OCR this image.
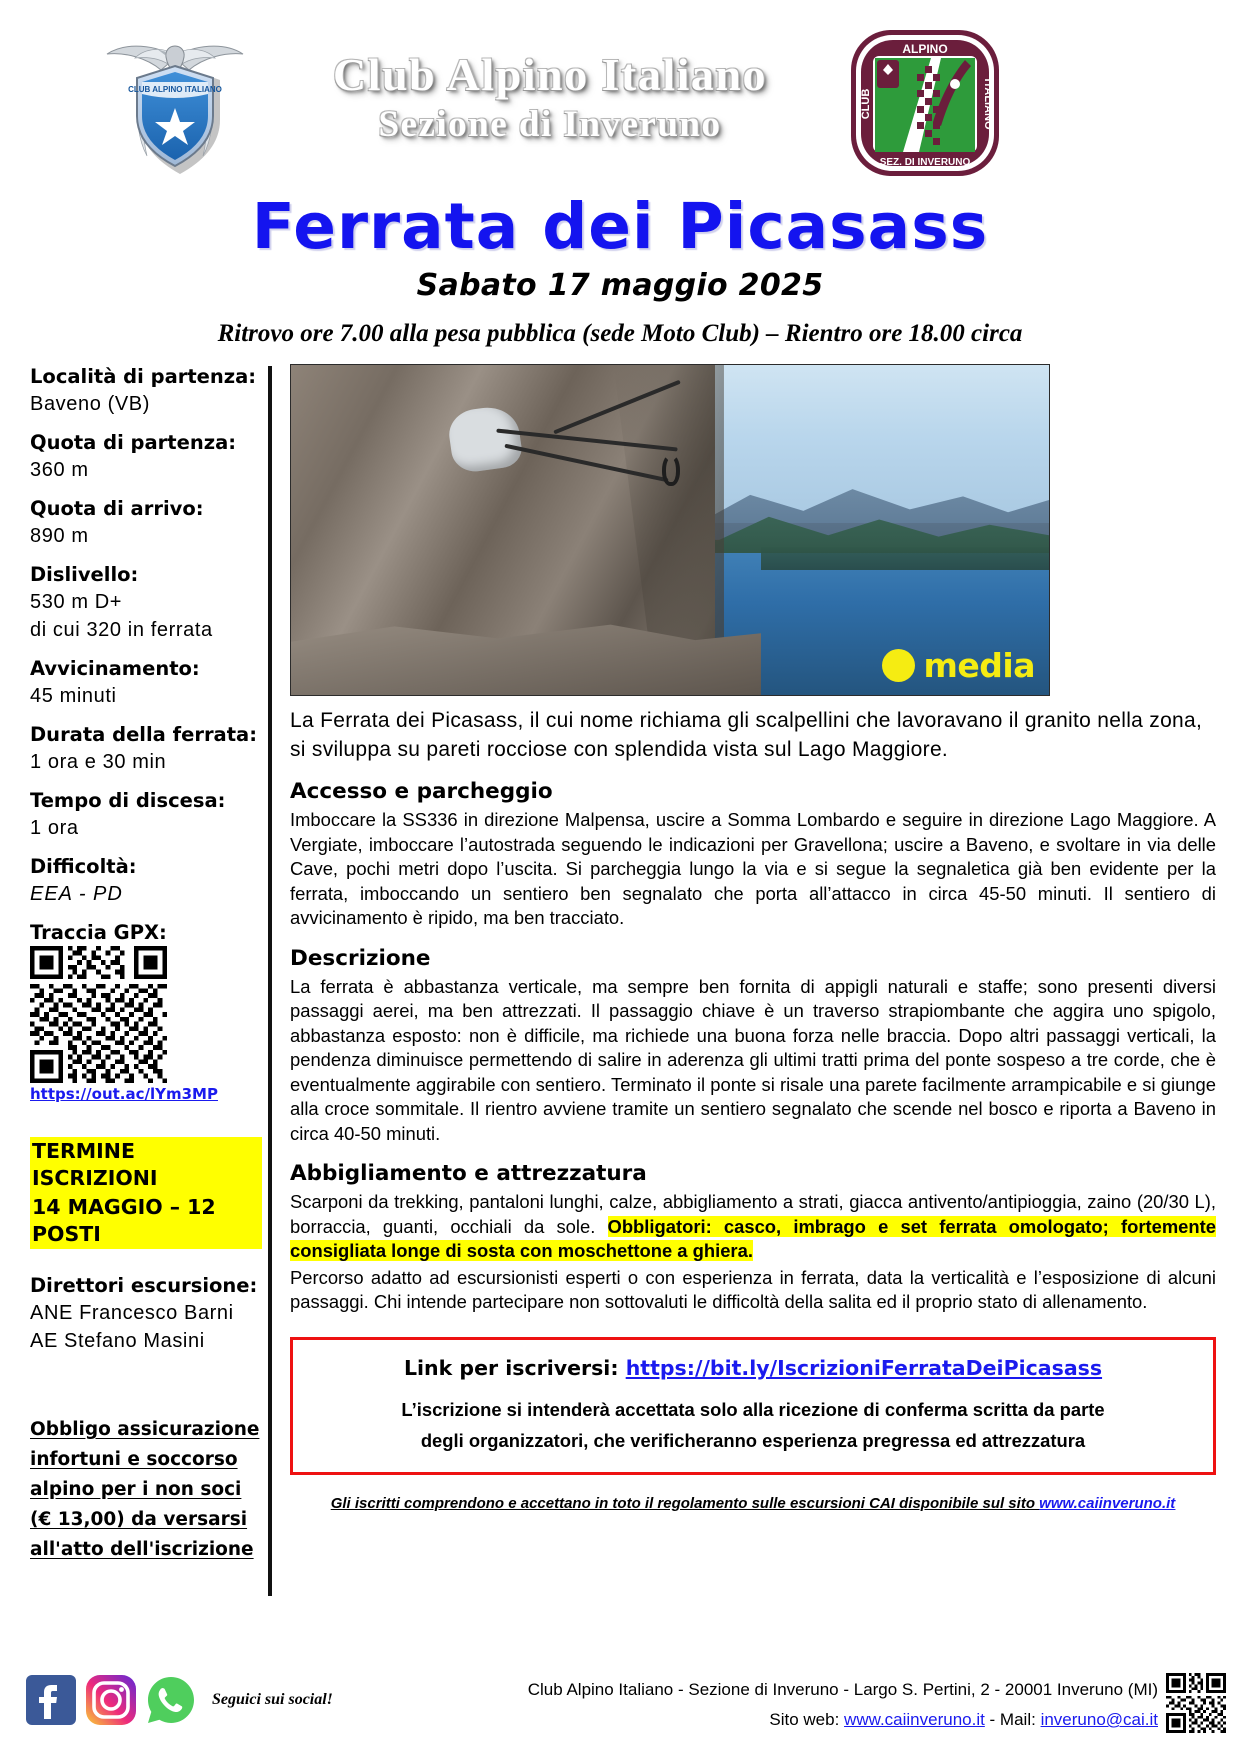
CLUB ALPINO ITALIANO	Club Alpino Italiano
Sezione di Inveruno
ALPINO
SEZ. DI INVERUNO
CLUB	ITALIANO
Ferrata dei Picasass
Sabato 17 maggio 2025
Ritrovo ore 7.00 alla pesa pubblica (sede Moto Club) – Rientro ore 18.00 circa
Località di partenza:
Baveno (VB)
Quota di partenza:
360 m
Quota di arrivo:
890 m
Dislivello:
530 m D+
di cui 320 in ferrata
Avvicinamento:
45 minuti
Durata della ferrata:
1 ora e 30 min
Tempo di discesa:
1 ora
Difficoltà:
EEA - PD
Traccia GPX:
https://out.ac/lYm3MP
TERMINE ISCRIZIONI
14 MAGGIO – 12 POSTI
Direttori escursione:
ANE Francesco Barni
AE Stefano Masini
Obbligo assicurazione
infortuni e soccorso
alpino per i non soci
(€ 13,00) da versarsi
all'atto dell'iscrizione
media
La Ferrata dei Picasass, il cui nome richiama gli scalpellini che lavoravano il granito nella zona, si sviluppa su pareti rocciose con splendida vista sul Lago Maggiore.
Accesso e parcheggio

Imboccare la SS336 in direzione Malpensa, uscire a Somma Lombardo e seguire in direzione Lago Maggiore. A Vergiate, imboccare l’autostrada seguendo le indicazioni per Gravellona; uscire a Baveno, e svoltare in via delle Cave, pochi metri dopo l’uscita. Si parcheggia lungo la via e si segue la segnaletica già ben evidente per la ferrata, imboccando un sentiero ben segnalato che porta all’attacco in circa 45-50 minuti. Il sentiero di avvicinamento è ripido, ma ben tracciato.

Descrizione

La ferrata è abbastanza verticale, ma sempre ben fornita di appigli naturali e staffe; sono presenti diversi passaggi aerei, ma ben attrezzati. Il passaggio chiave è un traverso strapiombante che aggira uno spigolo, abbastanza esposto: non è difficile, ma richiede una buona forza nelle braccia. Dopo altri passaggi verticali, la pendenza diminuisce permettendo di salire in aderenza gli ultimi tratti prima del ponte sospeso a tre corde, che è eventualmente aggirabile con sentiero. Terminato il ponte si risale una parete facilmente arrampicabile e si giunge alla croce sommitale. Il rientro avviene tramite un sentiero segnalato che scende nel bosco e riporta a Baveno in circa 40-50 minuti.

Abbigliamento e attrezzatura

Scarponi da trekking, pantaloni lunghi, calze, abbigliamento a strati, giacca antivento/antipioggia, zaino (20/30 L), borraccia, guanti, occhiali da sole. Obbligatori: casco, imbrago e set ferrata omologato; fortemente consigliata longe di sosta con moschettone a ghiera.

Percorso adatto ad escursionisti esperti o con esperienza in ferrata, data la verticalità e l’esposizione di alcuni passaggi. Chi intende partecipare non sottovaluti le difficoltà della salita ed il proprio stato di allenamento.

Link per iscriversi: https://bit.ly/IscrizioniFerrataDeiPicasass
L’iscrizione si intenderà accettata solo alla ricezione di conferma scritta da parte
degli organizzatori, che verificheranno esperienza pregressa ed attrezzatura
Gli iscritti comprendono e accettano in toto il regolamento sulle escursioni CAI disponibile sul sito www.caiinveruno.it
Seguici sui social!
Club Alpino Italiano - Sezione di Inveruno - Largo S. Pertini, 2 - 20001 Inveruno (MI)
Sito web: www.caiinveruno.it - Mail: inveruno@cai.it
